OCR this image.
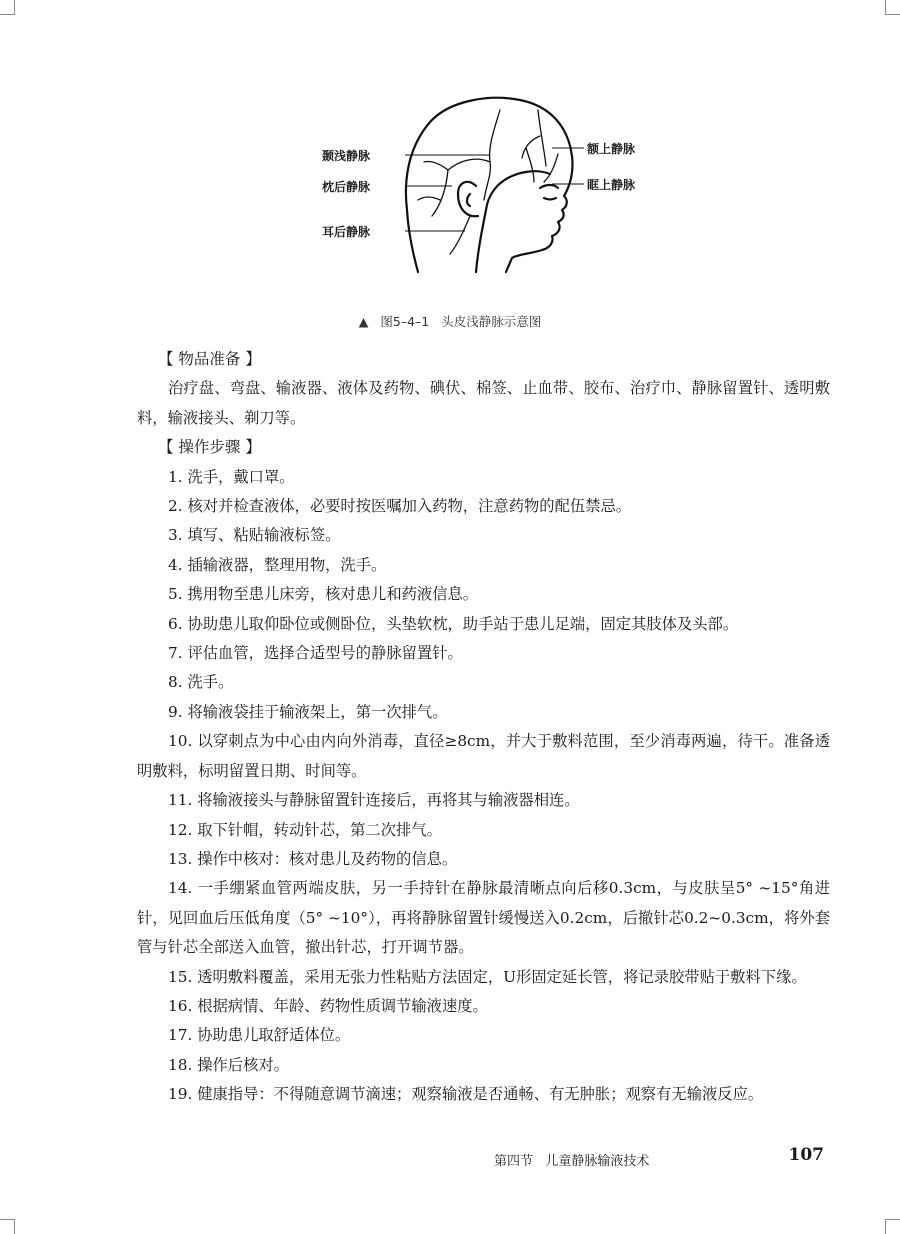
颞浅静脉
枕后静脉
耳后静脉
额上静脉
眶上静脉
▲ 图5–4–1 头皮浅静脉示意图

【 物品准备 】

治疗盘、弯盘、输液器、液体及药物、碘伏、棉签、止血带、胶布、治疗巾、静脉留置针、透明敷料，输液接头、剃刀等。

【 操作步骤 】

1. 洗手，戴口罩。

2. 核对并检查液体，必要时按医嘱加入药物，注意药物的配伍禁忌。

3. 填写、粘贴输液标签。

4. 插输液器，整理用物，洗手。

5. 携用物至患儿床旁，核对患儿和药液信息。

6. 协助患儿取仰卧位或侧卧位，头垫软枕，助手站于患儿足端，固定其肢体及头部。

7. 评估血管，选择合适型号的静脉留置针。

8. 洗手。

9. 将输液袋挂于输液架上，第一次排气。

10. 以穿刺点为中心由内向外消毒，直径≥8cm，并大于敷料范围，至少消毒两遍，待干。准备透明敷料，标明留置日期、时间等。

11. 将输液接头与静脉留置针连接后，再将其与输液器相连。

12. 取下针帽，转动针芯，第二次排气。

13. 操作中核对：核对患儿及药物的信息。

14. 一手绷紧血管两端皮肤，另一手持针在静脉最清晰点向后移0.3cm，与皮肤呈5° ~15°角进针，见回血后压低角度（5° ~10°），再将静脉留置针缓慢送入0.2cm，后撤针芯0.2~0.3cm，将外套管与针芯全部送入血管，撤出针芯，打开调节器。

15. 透明敷料覆盖，采用无张力性粘贴方法固定，U形固定延长管，将记录胶带贴于敷料下缘。

16. 根据病情、年龄、药物性质调节输液速度。

17. 协助患儿取舒适体位。

18. 操作后核对。

19. 健康指导：不得随意调节滴速；观察输液是否通畅、有无肿胀；观察有无输液反应。

第四节 儿童静脉输液技术	107
